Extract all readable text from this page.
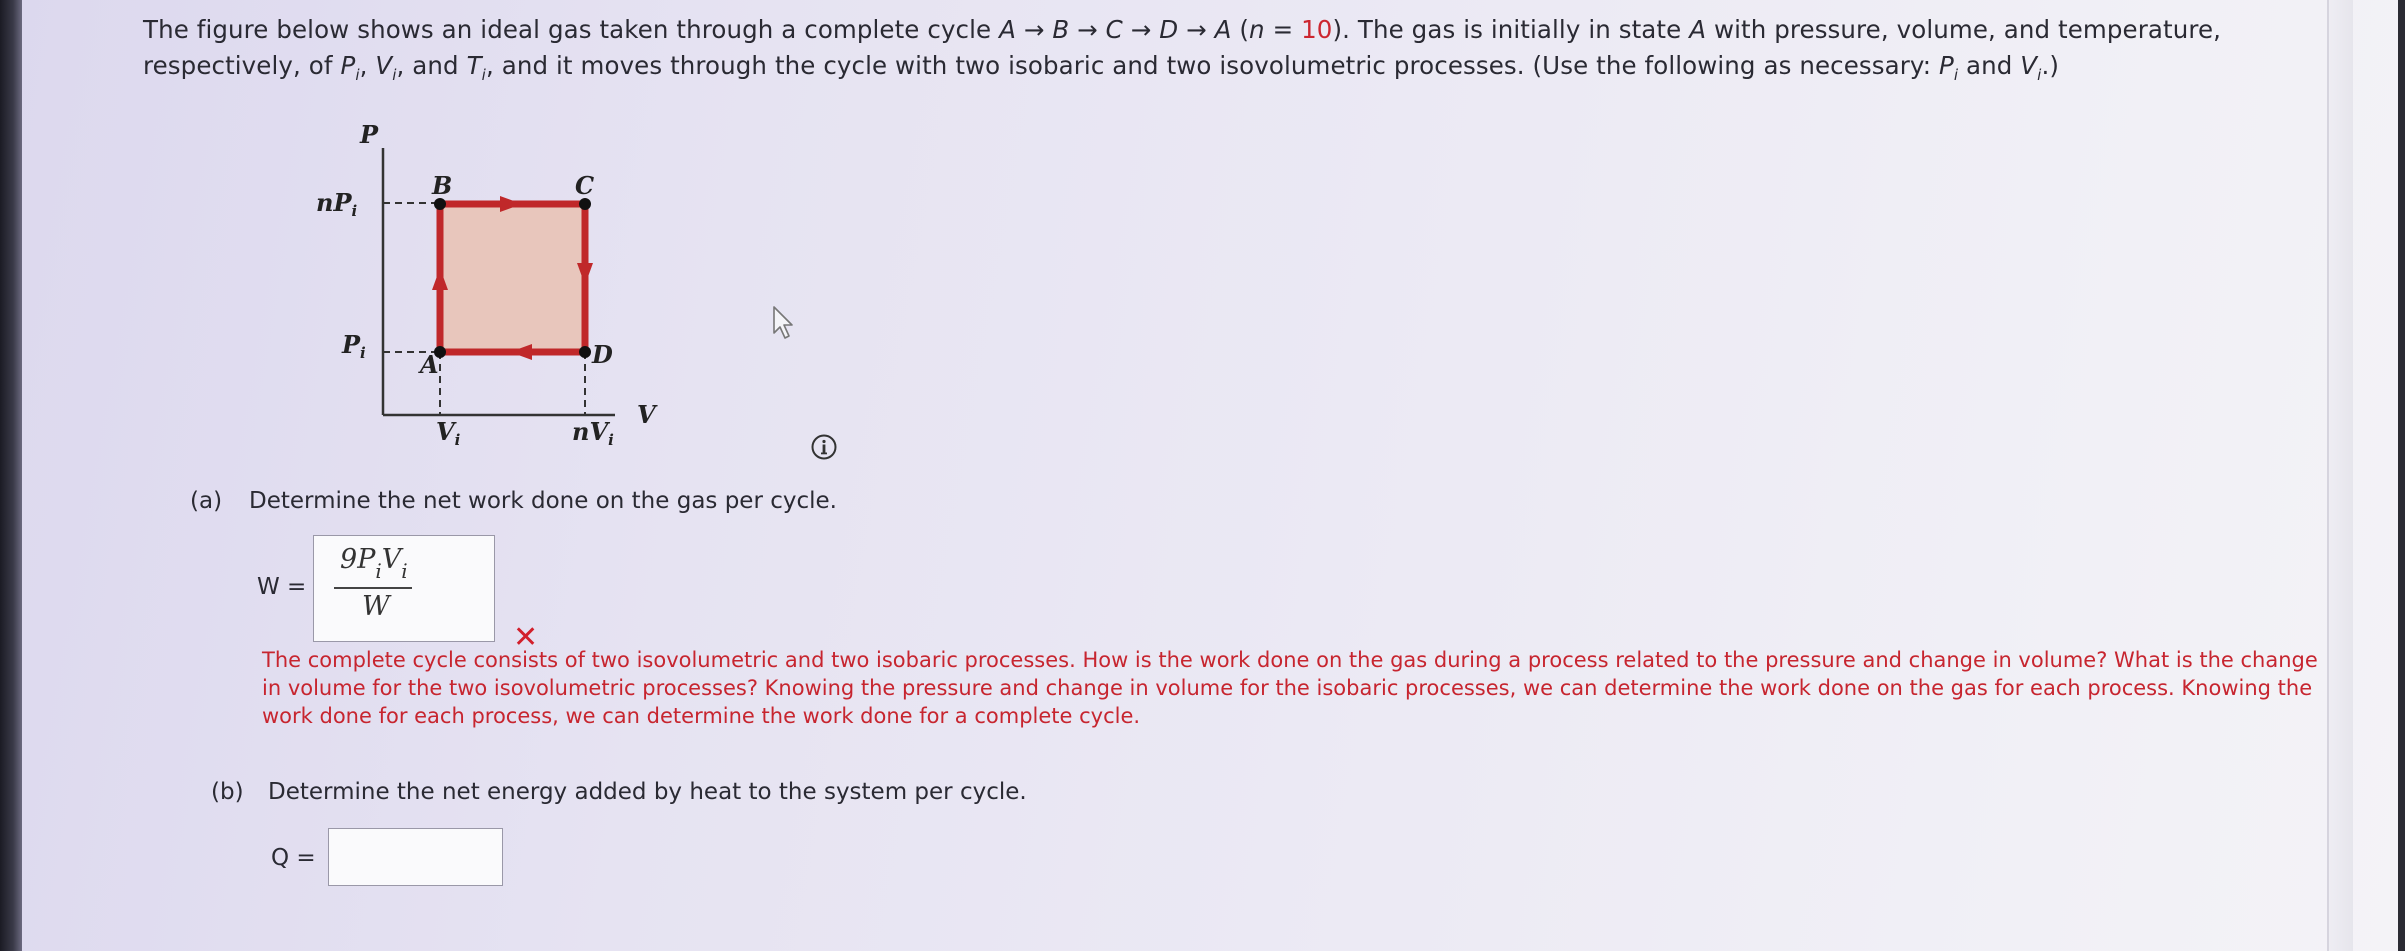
The figure below shows an ideal gas taken through a complete cycle A → B → C → D → A (n = 10). The gas is initially in state A with pressure, volume, and temperature, respectively, of $P_i$, $V_i$, and $T_i$, and it moves through the cycle with two isobaric and two isovolumetric processes. (Use the following as necessary: $P_i$ and $V_i$.)
P
V
B	C
D
A
$nP_i$
$P_i$
$V_i$	$nV_i$
(a) Determine the net work done on the gas per cycle.
W =
$9P_iV_i$
W
✕
The complete cycle consists of two isovolumetric and two isobaric processes. How is the work done on the gas during a process related to the pressure and change in volume? What is the change in volume for the two isovolumetric processes? Knowing the pressure and change in volume for the isobaric processes, we can determine the work done on the gas for each process. Knowing the work done for each process, we can determine the work done for a complete cycle.
(b) Determine the net energy added by heat to the system per cycle.
Q =
